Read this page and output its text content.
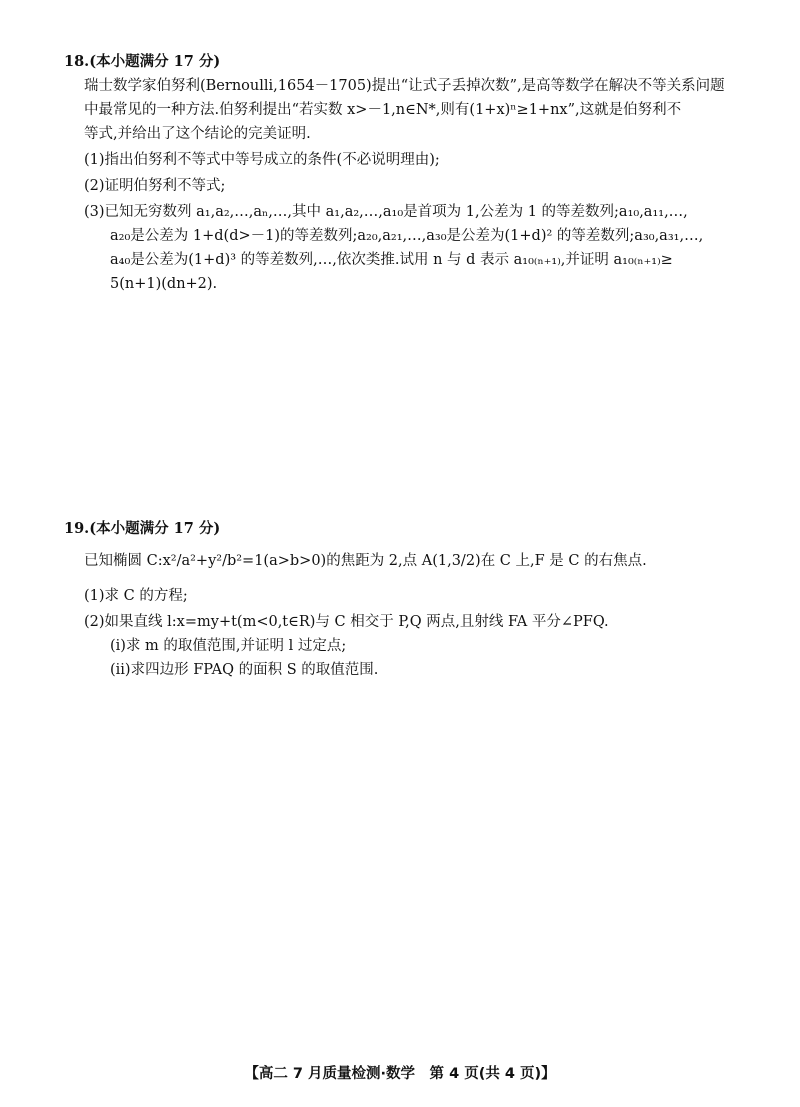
18.(本小题满分 17 分)
瑞士数学家伯努利(Bernoulli,1654－1705)提出“让式子丢掉次数”,是高等数学在解决不等关系问题
中最常见的一种方法.伯努利提出“若实数 x>－1,n∈N*,则有(1+x)ⁿ≥1+nx”,这就是伯努利不
等式,并给出了这个结论的完美证明.
(1)指出伯努利不等式中等号成立的条件(不必说明理由);
(2)证明伯努利不等式;
(3)已知无穷数列 a₁,a₂,…,aₙ,…,其中 a₁,a₂,…,a₁₀是首项为 1,公差为 1 的等差数列;a₁₀,a₁₁,…,
a₂₀是公差为 1+d(d>－1)的等差数列;a₂₀,a₂₁,…,a₃₀是公差为(1+d)² 的等差数列;a₃₀,a₃₁,…,
a₄₀是公差为(1+d)³ 的等差数列,…,依次类推.试用 n 与 d 表示 a₁₀₍ₙ₊₁₎,并证明 a₁₀₍ₙ₊₁₎≥
5(n+1)(dn+2).
19.(本小题满分 17 分)
已知椭圆 C:x²/a²+y²/b²=1(a>b>0)的焦距为 2,点 A(1,3/2)在 C 上,F 是 C 的右焦点.
(1)求 C 的方程;
(2)如果直线 l:x=my+t(m<0,t∈R)与 C 相交于 P,Q 两点,且射线 FA 平分∠PFQ.
(ⅰ)求 m 的取值范围,并证明 l 过定点;
(ⅱ)求四边形 FPAQ 的面积 S 的取值范围.
【高二 7 月质量检测·数学　第 4 页(共 4 页)】
